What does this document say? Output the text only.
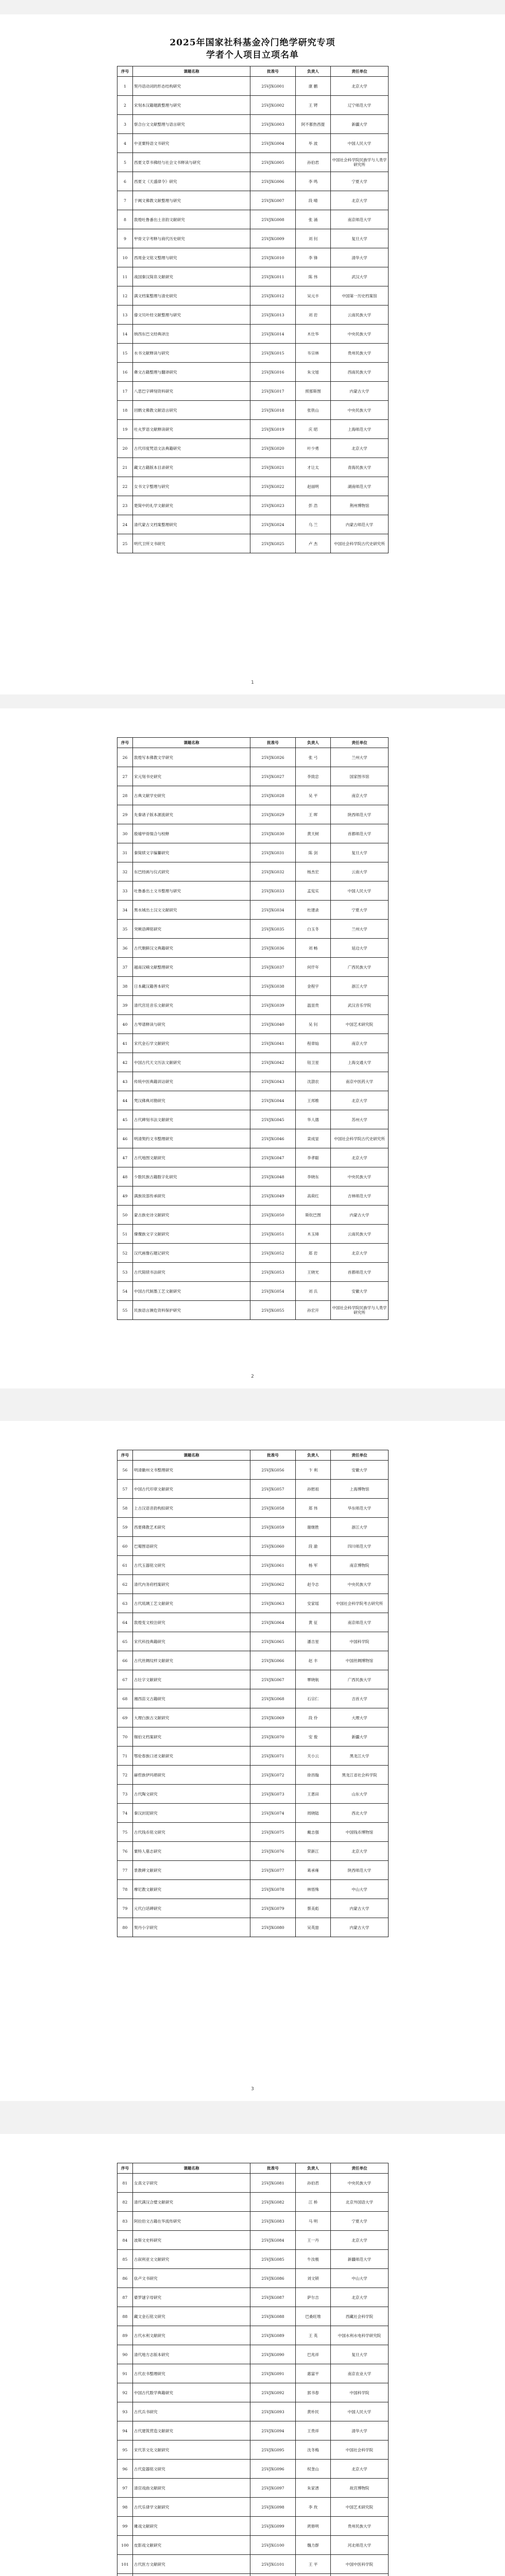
2025年国家社科基金冷门绝学研究专项
学者个人项目立项名单
序号	课题名称	批准号	负责人	责任单位
1	契丹语动词的形态结构研究	25VJXG001	康 鹏	北京大学
2	宋刻本汉籍题跋整理与研究	25VJXG002	王 锷	辽宁师范大学
3	察合台文文献整理与语言研究	25VJXG003	阿不都热西提	新疆大学
4	中亚粟特语文书研究	25VJXG004	毕 波	中国人民大学
5	西夏文草书佛经与社会文书释读与研究	25VJXG005	孙伯君	中国社会科学院民族学与人类学研究所
6	西夏文《天盛律令》研究	25VJXG006	李 鸣	宁夏大学
7	于阗文佛教文献整理与研究	25VJXG007	段 晴	北京大学
8	敦煌吐鲁番出土音韵文献研究	25VJXG008	张 涌	南京师范大学
9	甲骨文字考释与商代历史研究	25VJXG009	刘 钊	复旦大学
10	西周金文铭文整理与研究	25VJXG010	李 锋	清华大学
11	战国秦汉简帛文献研究	25VJXG011	陈 伟	武汉大学
12	满文档案整理与清史研究	25VJXG012	吴元丰	中国第一历史档案馆
13	傣文贝叶经文献整理与研究	25VJXG013	刘 岩	云南民族大学
14	纳西东巴文经典译注	25VJXG014	木仕华	中央民族大学
15	水书文献释读与研究	25VJXG015	韦宗林	贵州民族大学
16	彝文古籍整理与翻译研究	25VJXG016	朱文旭	西南民族大学
17	八思巴字碑刻资料研究	25VJXG017	照那斯图	内蒙古大学
18	回鹘文佛教文献语言研究	25VJXG018	张铁山	中央民族大学
19	吐火罗语文献释读研究	25VJXG019	庆 昭	上海师范大学
20	古代印度梵语文法典籍研究	25VJXG020	叶少勇	北京大学
21	藏文古籍版本目录研究	25VJXG021	才让太	青海民族大学
22	女书文字整理与研究	25VJXG022	赵丽明	湖南师范大学
23	楚简中的礼学文献研究	25VJXG023	彭 浩	荆州博物馆
24	清代蒙古文档案整理研究	25VJXG024	乌 兰	内蒙古师范大学
25	明代卫所文书研究	25VJXG025	卢 杰	中国社会科学院古代史研究所
1
序号	课题名称	批准号	负责人	责任单位
26	敦煌写本佛教文学研究	25VJXG026	张 弓	兰州大学
27	宋元刻书史研究	25VJXG027	李致忠	国家图书馆
28	古典文献学史研究	25VJXG028	吴 平	南京大学
29	先秦诸子版本源流研究	25VJXG029	王 晖	陕西师范大学
30	殷墟甲骨缀合与校释	25VJXG030	黄天树	首都师范大学
31	秦简牍文字编纂研究	25VJXG031	陈 剑	复旦大学
32	东巴经画与仪式研究	25VJXG032	杨杰宏	云南大学
33	吐鲁番出土文书整理与研究	25VJXG033	孟宪实	中国人民大学
34	黑水城出土汉文文献研究	25VJXG034	杜建录	宁夏大学
35	突厥语碑铭研究	25VJXG035	白玉冬	兰州大学
36	古代朝鲜汉文典籍研究	25VJXG036	刘 畅	延边大学
37	越南汉喃文献整理研究	25VJXG037	何仟年	广西民族大学
38	日本藏汉籍善本研究	25VJXG038	金程宇	浙江大学
39	清代宫廷音乐文献研究	25VJXG039	温显贵	武汉音乐学院
40	古琴谱释读与研究	25VJXG040	吴 钊	中国艺术研究院
41	宋代金石学文献研究	25VJXG041	程章灿	南京大学
42	中国古代天文历法文献研究	25VJXG042	钮卫星	上海交通大学
43	传统中医典籍训诂研究	25VJXG043	沈澍农	南京中医药大学
44	梵汉佛典对勘研究	25VJXG044	王邦维	北京大学
45	古代碑刻书法文献研究	25VJXG045	华人德	苏州大学
46	明清契约文书整理研究	25VJXG046	栾成显	中国社会科学院古代史研究所
47	古代地图文献研究	25VJXG047	李孝聪	北京大学
48	少数民族古籍数字化研究	25VJXG048	李晓东	中央民族大学
49	满族说部传承研究	25VJXG049	高荷红	吉林师范大学
50	蒙古族史诗文献研究	25VJXG050	斯钦巴图	内蒙古大学
51	傈僳族文字文献研究	25VJXG051	木玉璋	云南民族大学
52	汉代画像石题记研究	25VJXG052	郑 岩	北京大学
53	古代简牍书法研究	25VJXG053	王晓光	首都师范大学
54	中国古代制墨工艺文献研究	25VJXG054	刘 兵	安徽大学
55	民族语言濒危资料保护研究	25VJXG055	孙宏开	中国社会科学院民族学与人类学研究所
2
序号	课题名称	批准号	负责人	责任单位
56	明清徽州文书整理研究	25VJXG056	卞 利	安徽大学
57	中国古代印章文献研究	25VJXG057	孙慰祖	上海博物馆
58	上古汉语音韵构拟研究	25VJXG058	郑 伟	华东师范大学
59	西夏佛教艺术研究	25VJXG059	谢继胜	浙江大学
60	巴蜀图语研究	25VJXG060	段 渝	四川师范大学
61	古代玉器铭文研究	25VJXG061	杨 军	南京博物院
62	清代内务府档案研究	25VJXG062	赵令志	中央民族大学
63	古代琉璃工艺文献研究	25VJXG063	安家瑶	中国社会科学院考古研究所
64	敦煌变文校注研究	25VJXG064	黄 征	南京师范大学
65	宋代科技典籍研究	25VJXG065	潘吉星	中国科学院
66	古代丝绸纹样文献研究	25VJXG066	赵 丰	中国丝绸博物馆
67	古壮字文献研究	25VJXG067	覃晓航	广西民族大学
68	湘西苗文古籍研究	25VJXG068	石宗仁	吉首大学
69	大理白族古文献研究	25VJXG069	段 伶	大理大学
70	锡伯文档案研究	25VJXG070	安 俊	新疆大学
71	鄂伦春族口述文献研究	25VJXG071	关小云	黑龙江大学
72	赫哲族伊玛堪研究	25VJXG072	徐昌翰	黑龙江省社会科学院
73	古代陶文研究	25VJXG073	王恩田	山东大学
74	秦汉封泥研究	25VJXG074	周晓陆	西北大学
75	古代钱币铭文研究	25VJXG075	戴志强	中国钱币博物馆
76	粟特人墓志研究	25VJXG076	荣新江	北京大学
77	景教碑文献研究	25VJXG077	葛承雍	陕西师范大学
78	摩尼教文献研究	25VJXG078	林悟殊	中山大学
79	元代白话碑研究	25VJXG079	蔡美彪	内蒙古大学
80	契丹小字研究	25VJXG080	吴英喆	内蒙古大学
3
序号	课题名称	批准号	负责人	责任单位
81	女真文字研究	25VJXG081	孙伯君	中央民族大学
82	清代满汉合璧文献研究	25VJXG082	江 桥	北京外国语大学
83	阿拉伯文古籍在华流传研究	25VJXG083	马 明	宁夏大学
84	波斯文史料研究	25VJXG084	王一丹	北京大学
85	古叙利亚文文献研究	25VJXG085	牛汝极	新疆师范大学
86	佉卢文书研究	25VJXG086	刘文锁	中山大学
87	婆罗谜字母研究	25VJXG087	萨尔吉	北京大学
88	藏文金石铭文研究	25VJXG088	巴桑旺堆	西藏社会科学院
89	古代水利文献研究	25VJXG089	王 英	中国水利水电科学研究院
90	清代地方志版本研究	25VJXG090	巴兆祥	复旦大学
91	古代农书整理研究	25VJXG091	惠富平	南京农业大学
92	中国古代数学典籍研究	25VJXG092	郭书春	中国科学院
93	古代兵书研究	25VJXG093	黄朴民	中国人民大学
94	古代建筑营造文献研究	25VJXG094	王贵祥	清华大学
95	宋代茶文化文献研究	25VJXG095	沈冬梅	中国社会科学院
96	古代瓷器铭文研究	25VJXG096	权奎山	北京大学
97	清宫戏曲文献研究	25VJXG097	朱家溍	故宫博物院
98	古代乐律学文献研究	25VJXG098	李 玫	中国艺术研究院
99	傩戏文献研究	25VJXG099	庹修明	贵州民族大学
100	皮影戏文献研究	25VJXG100	魏力群	河北师范大学
101	古代医方文献研究	25VJXG101	王 平	中国中医科学院
